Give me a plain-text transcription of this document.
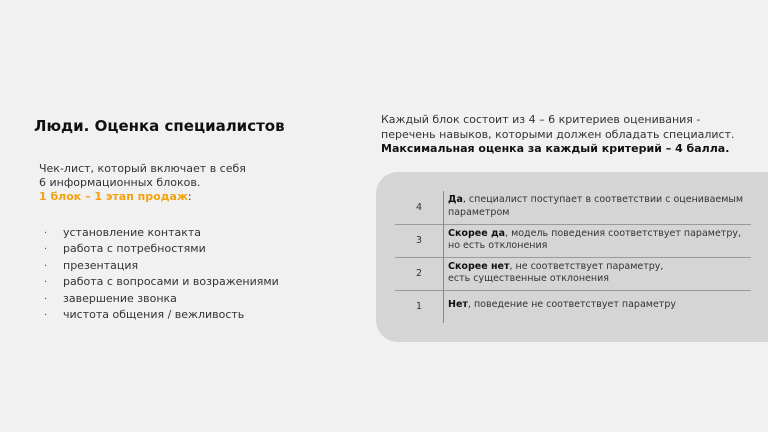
Люди. Оценка специалистов
Чек-лист, который включает в себя
6 информационных блоков.
1 блок – 1 этап продаж:
· установление контакта
· работа с потребностями
· презентация
· работа с вопросами и возражениями
· завершение звонка
· чистота общения / вежливость
Каждый блок состоит из 4 – 6 критериев оценивания -
перечень навыков, которыми должен обладать специалист.
Максимальная оценка за каждый критерий – 4 балла.
4	Да, специалист поступает в соответствии с оцениваемым
параметром

3	Скорее да, модель поведения соответствует параметру,
но есть отклонения

2	Скорее нет, не соответствует параметру,
есть существенные отклонения

1	Нет, поведение не соответствует параметру
